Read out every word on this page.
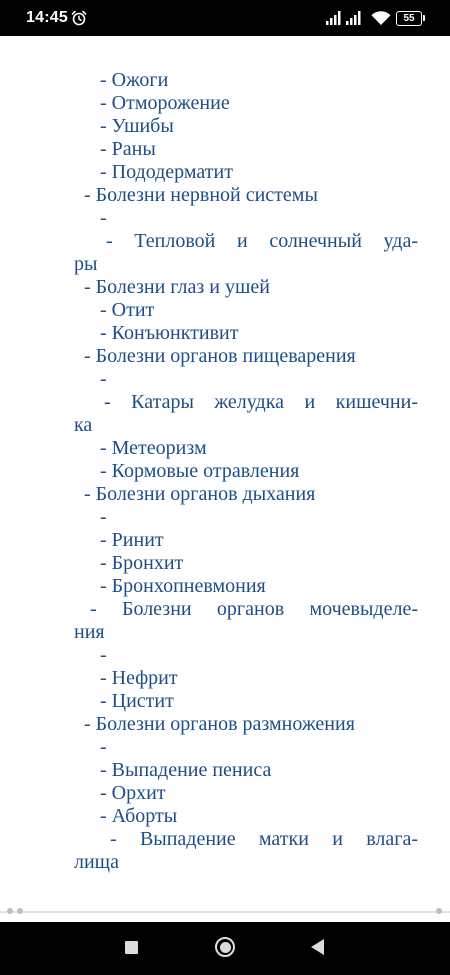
14:45	55
- Ожоги
- Отморожение
- Ушибы
- Раны
- Пододерматит
- Болезни нервной системы
-
- Тепловой и солнечный уда-
ры
- Болезни глаз и ушей
- Отит
- Конъюнктивит
- Болезни органов пищеварения
-
- Катары желудка и кишечни-
ка
- Метеоризм
- Кормовые отравления
- Болезни органов дыхания
-
- Ринит
- Бронхит
- Бронхопневмония
- Болезни органов мочевыделе-
ния
-
- Нефрит
- Цистит
- Болезни органов размножения
-
- Выпадение пениса
- Орхит
- Аборты
- Выпадение матки и влага-
лища
